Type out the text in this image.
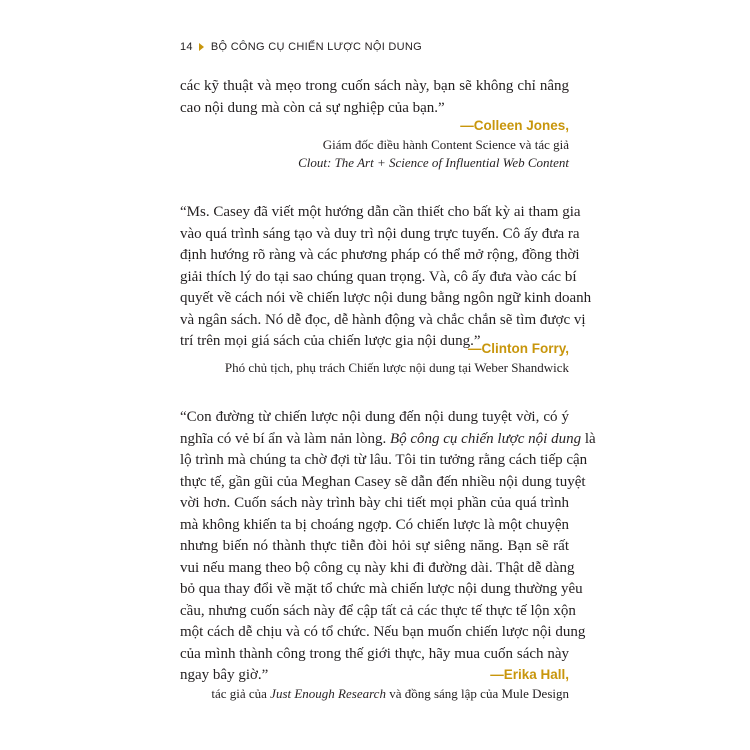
14 BỘ CÔNG CỤ CHIẾN LƯỢC NỘI DUNG
các kỹ thuật và mẹo trong cuốn sách này, bạn sẽ không chỉ nâng
cao nội dung mà còn cả sự nghiệp của bạn.”
—Colleen Jones,
Giám đốc điều hành Content Science và tác giả
Clout: The Art + Science of Influential Web Content
“Ms. Casey đã viết một hướng dẫn cần thiết cho bất kỳ ai tham gia
vào quá trình sáng tạo và duy trì nội dung trực tuyến. Cô ấy đưa ra
định hướng rõ ràng và các phương pháp có thể mở rộng, đồng thời
giải thích lý do tại sao chúng quan trọng. Và, cô ấy đưa vào các bí
quyết về cách nói về chiến lược nội dung bằng ngôn ngữ kinh doanh
và ngân sách. Nó dễ đọc, dễ hành động và chắc chắn sẽ tìm được vị
trí trên mọi giá sách của chiến lược gia nội dung.”
—Clinton Forry,
Phó chủ tịch, phụ trách Chiến lược nội dung tại Weber Shandwick
“Con đường từ chiến lược nội dung đến nội dung tuyệt vời, có ý
nghĩa có vẻ bí ẩn và làm nản lòng. Bộ công cụ chiến lược nội dung là
lộ trình mà chúng ta chờ đợi từ lâu. Tôi tin tưởng rằng cách tiếp cận
thực tế, gần gũi của Meghan Casey sẽ dẫn đến nhiều nội dung tuyệt
vời hơn. Cuốn sách này trình bày chi tiết mọi phần của quá trình
mà không khiến ta bị choáng ngợp. Có chiến lược là một chuyện
nhưng biến nó thành thực tiễn đòi hỏi sự siêng năng. Bạn sẽ rất
vui nếu mang theo bộ công cụ này khi đi đường dài. Thật dễ dàng
bỏ qua thay đổi về mặt tổ chức mà chiến lược nội dung thường yêu
cầu, nhưng cuốn sách này để cập tất cả các thực tế thực tế lộn xộn
một cách dễ chịu và có tổ chức. Nếu bạn muốn chiến lược nội dung
của mình thành công trong thế giới thực, hãy mua cuốn sách này
ngay bây giờ.”	—Erika Hall,
tác giả của Just Enough Research và đồng sáng lập của Mule Design
